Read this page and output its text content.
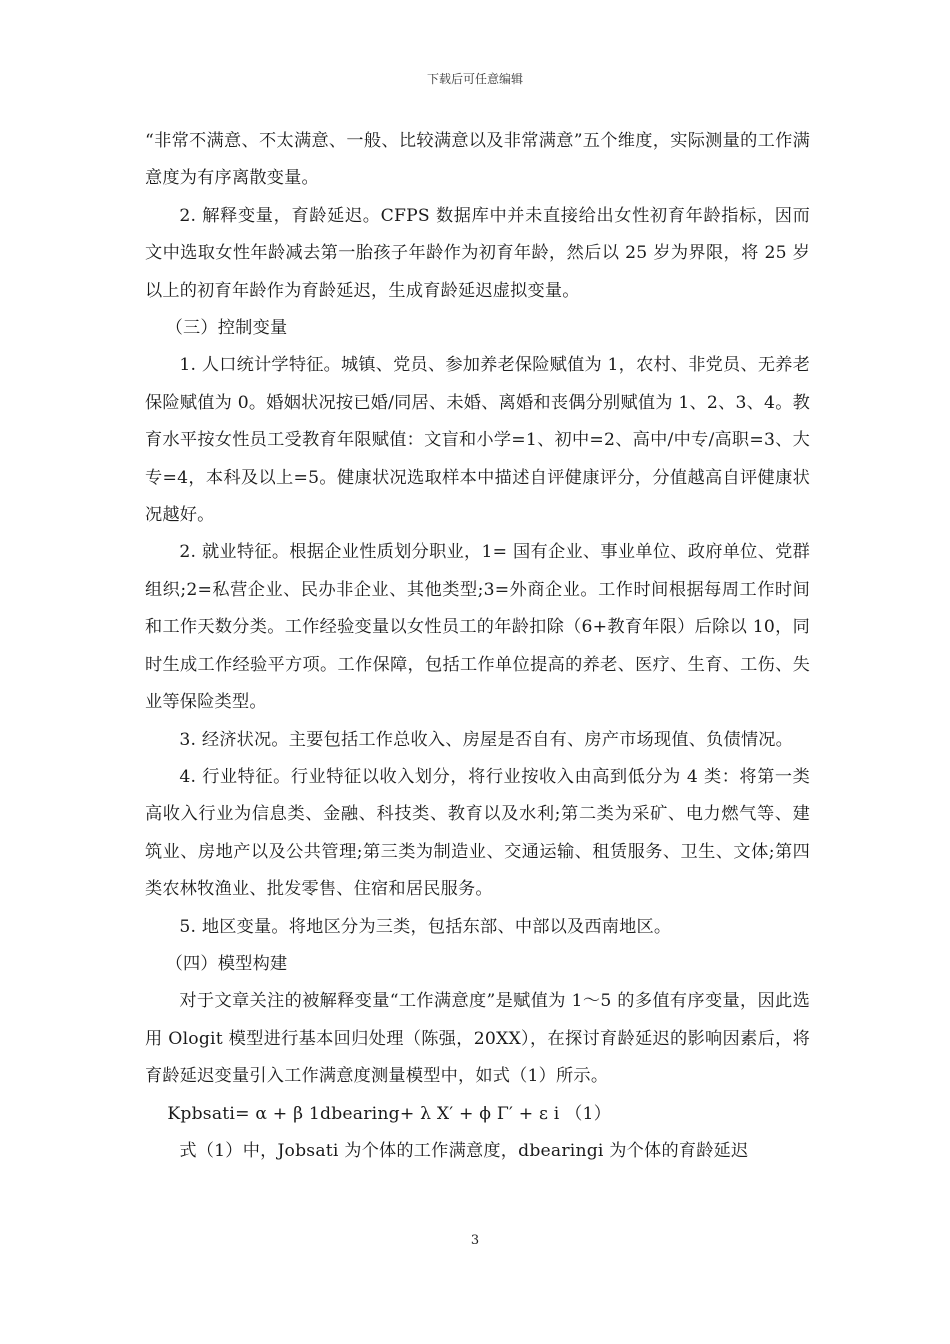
下载后可任意编辑

“非常不满意、不太满意、一般、比较满意以及非常满意”五个维度，实际测量的工作满意度为有序离散变量。

2. 解释变量，育龄延迟。CFPS 数据库中并未直接给出女性初育年龄指标，因而文中选取女性年龄减去第一胎孩子年龄作为初育年龄，然后以 25 岁为界限，将 25 岁以上的初育年龄作为育龄延迟，生成育龄延迟虚拟变量。

（三）控制变量

1. 人口统计学特征。城镇、党员、参加养老保险赋值为 1，农村、非党员、无养老保险赋值为 0。婚姻状况按已婚/同居、未婚、离婚和丧偶分别赋值为 1、2、3、4。教育水平按女性员工受教育年限赋值：文盲和小学=1、初中=2、高中/中专/高职=3、大专=4，本科及以上=5。健康状况选取样本中描述自评健康评分，分值越高自评健康状况越好。

2. 就业特征。根据企业性质划分职业，1= 国有企业、事业单位、政府单位、党群组织;2=私营企业、民办非企业、其他类型;3=外商企业。工作时间根据每周工作时间和工作天数分类。工作经验变量以女性员工的年龄扣除（6+教育年限）后除以 10，同时生成工作经验平方项。工作保障，包括工作单位提高的养老、医疗、生育、工伤、失业等保险类型。

3. 经济状况。主要包括工作总收入、房屋是否自有、房产市场现值、负债情况。

4. 行业特征。行业特征以收入划分，将行业按收入由高到低分为 4 类：将第一类高收入行业为信息类、金融、科技类、教育以及水利;第二类为采矿、电力燃气等、建筑业、房地产以及公共管理;第三类为制造业、交通运输、租赁服务、卫生、文体;第四类农林牧渔业、批发零售、住宿和居民服务。

5. 地区变量。将地区分为三类，包括东部、中部以及西南地区。

（四）模型构建

对于文章关注的被解释变量“工作满意度”是赋值为 1～5 的多值有序变量，因此选用 Ologit 模型进行基本回归处理（陈强，20XX），在探讨育龄延迟的影响因素后，将育龄延迟变量引入工作满意度测量模型中，如式（1）所示。

Kpbsati= α + β 1dbearing+ λ X′ + ϕ Γ′ + ε i （1）

式（1）中，Jobsati 为个体的工作满意度，dbearingi 为个体的育龄延迟

3
